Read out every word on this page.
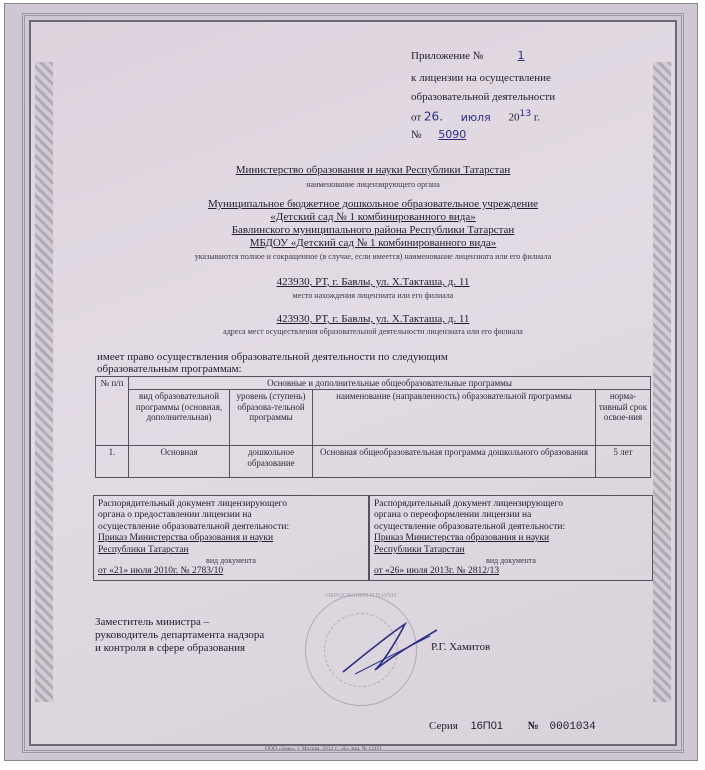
Приложение №	1
к лицензии на осуществление
образовательной деятельности
от 26. июля $20^{13}$ г.
№ 5090
Министерство образования и науки Республики Татарстан
наименование лицензирующего органа
Муниципальное бюджетное дошкольное образовательное учреждение
«Детский сад № 1 комбинированного вида»
Бавлинского муниципального района Республики Татарстан
МБДОУ «Детский сад № 1 комбинированного вида»
указываются полное и сокращенное (в случае, если имеется) наименование лицензиата или его филиала
423930, РТ, г. Бавлы, ул. Х.Такташа, д. 11
место нахождения лицензиата или его филиала
423930, РТ, г. Бавлы, ул. Х.Такташа, д. 11
адреса мест осуществления образовательной деятельности лицензиата или его филиала
имеет право осуществления образовательной деятельности по следующим
образовательным программам:
№ п/п	Основные и дополнительные общеобразовательные программы			
	вид образовательной программы (основная, дополнительная)	уровень (ступень) образова-тельной программы	наименование (направленность) образовательной программы	норма-тивный срок освое-ния
1.	Основная	дошкольное образование	Основная общеобразовательная программа дошкольного образования	5 лет
Распорядительный документ лицензирующего
органа о предоставлении лицензии на
осуществление образовательной деятельности:
Приказ Министерства образования и науки
Республики Татарстан
вид документа
от «21» июля 2010г. № 2783/10
Распорядительный документ лицензирующего
органа о переоформлении лицензии на
осуществление образовательной деятельности:
Приказ Министерства образования и науки
Республики Татарстан
вид документа
от «26» июля 2013г. № 2812/13
ОБРАЗОВАНИЯ И НАУКИ
Заместитель министра –
руководитель департамента надзора
и контроля в сфере образования	Р.Г. Хамитов
Серия 16П01 № 0001034
ООО «Знак», г. Москва, 2012 г., «Б» лиц. № 12451
